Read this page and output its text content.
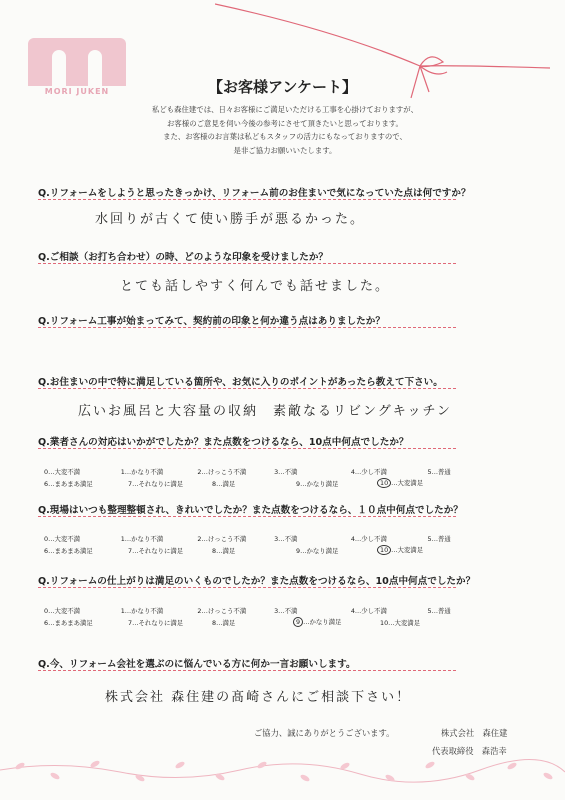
MORI JUKEN	【お客様アンケート】
私ども森住建では、日々お客様にご満足いただける工事を心掛けておりますが、
お客様のご意見を伺い今後の参考にさせて頂きたいと思っております。
また、お客様のお言葉は私どもスタッフの活力にもなっておりますので、
是非ご協力お願いいたします。
Q.リフォームをしようと思ったきっかけ、リフォーム前のお住まいで気になっていた点は何ですか？
水回りが古くて使い勝手が悪るかった。
Q.ご相談（お打ち合わせ）の時、どのような印象を受けましたか？
とても話しやすく何んでも話せました。
Q.リフォーム工事が始まってみて、契約前の印象と何か違う点はありましたか？
Q.お住まいの中で特に満足している箇所や、お気に入りのポイントがあったら教えて下さい。
広いお風呂と大容量の収納　素敵なるリビングキッチン
Q.業者さんの対応はいかがでしたか？また点数をつけるなら、10点中何点でしたか？
0…大変不満	1…かなり不満	2…けっこう不満	3…不満	4…少し不満	5…普通
6…まあまあ満足	7…それなりに満足	8…満足	9…かなり満足	10 …大変満足
Q.現場はいつも整理整頓され、きれいでしたか？また点数をつけるなら、１０点中何点でしたか？
0…大変不満	1…かなり不満	2…けっこう不満	3…不満	4…少し不満	5…普通
6…まあまあ満足	7…それなりに満足	8…満足	9…かなり満足	10 …大変満足
Q.リフォームの仕上がりは満足のいくものでしたか？また点数をつけるなら、10点中何点でしたか？
0…大変不満	1…かなり不満	2…けっこう不満	3…不満	4…少し不満	5…普通
6…まあまあ満足	7…それなりに満足	8…満足	9 …かなり満足	10…大変満足
Q.今、リフォーム会社を選ぶのに悩んでいる方に何か一言お願いします。
株式会社 森住建の髙崎さんにご相談下さい！
ご協力、誠にありがとうございます。	株式会社　森住建
代表取締役　森浩幸
